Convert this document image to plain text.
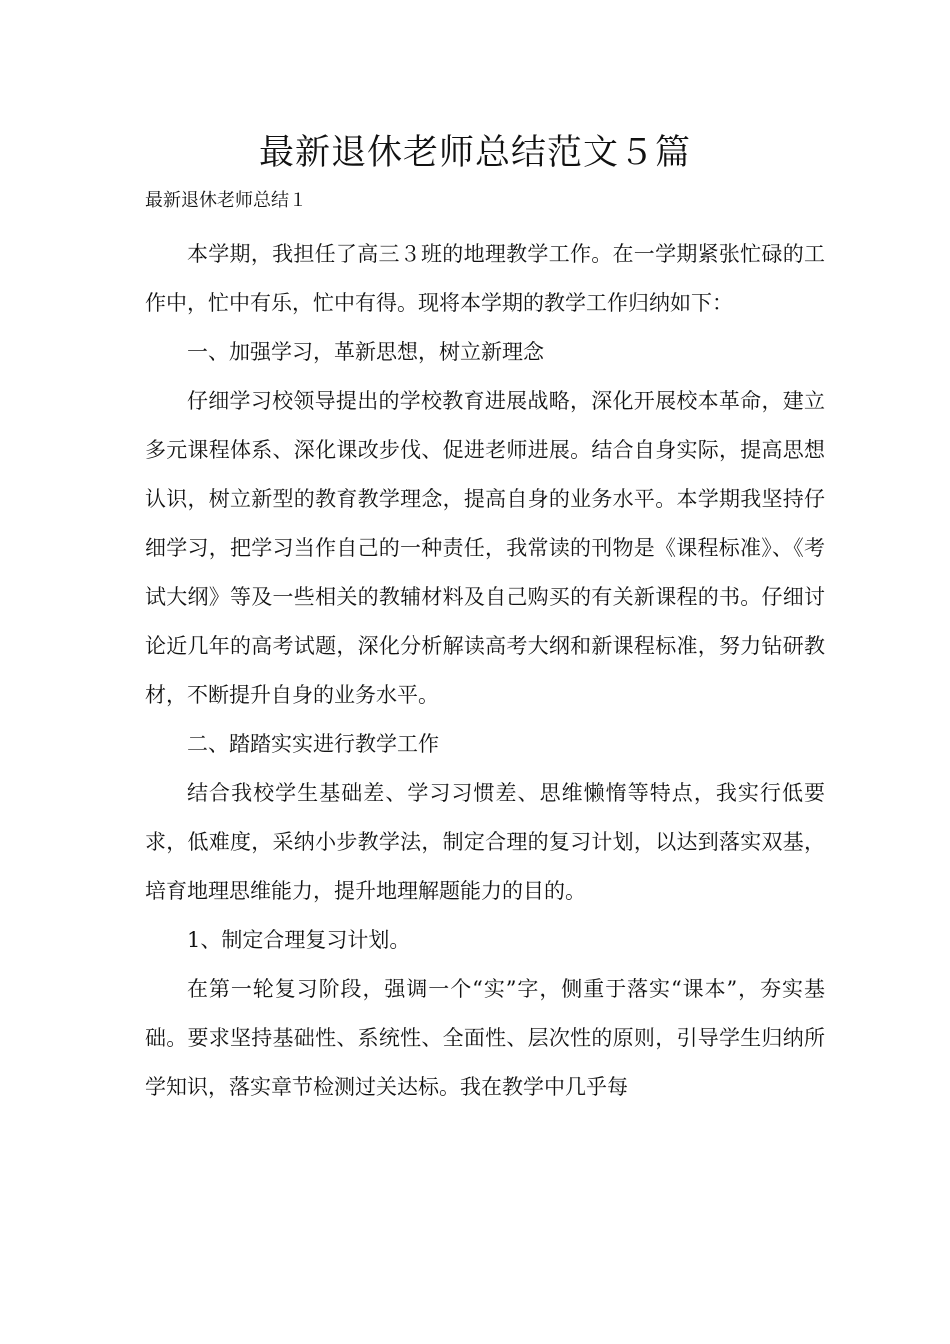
最新退休老师总结范文５篇

最新退休老师总结１

本学期，我担任了高三３班的地理教学工作。在一学期紧张忙碌的工作中，忙中有乐，忙中有得。现将本学期的教学工作归纳如下：

一、加强学习，革新思想，树立新理念

仔细学习校领导提出的学校教育进展战略，深化开展校本革命，建立多元课程体系、深化课改步伐、促进老师进展。结合自身实际，提高思想认识，树立新型的教育教学理念，提高自身的业务水平。本学期我坚持仔细学习，把学习当作自己的一种责任，我常读的刊物是《课程标准》、《考试大纲》等及一些相关的教辅材料及自己购买的有关新课程的书。仔细讨论近几年的高考试题，深化分析解读高考大纲和新课程标准，努力钻研教材，不断提升自身的业务水平。

二、踏踏实实进行教学工作

结合我校学生基础差、学习习惯差、思维懒惰等特点，我实行低要求，低难度，采纳小步教学法，制定合理的复习计划，以达到落实双基，培育地理思维能力，提升地理解题能力的目的。

1、制定合理复习计划。

在第一轮复习阶段，强调一个“实”字，侧重于落实“课本”，夯实基础。要求坚持基础性、系统性、全面性、层次性的原则，引导学生归纳所学知识，落实章节检测过关达标。我在教学中几乎每
